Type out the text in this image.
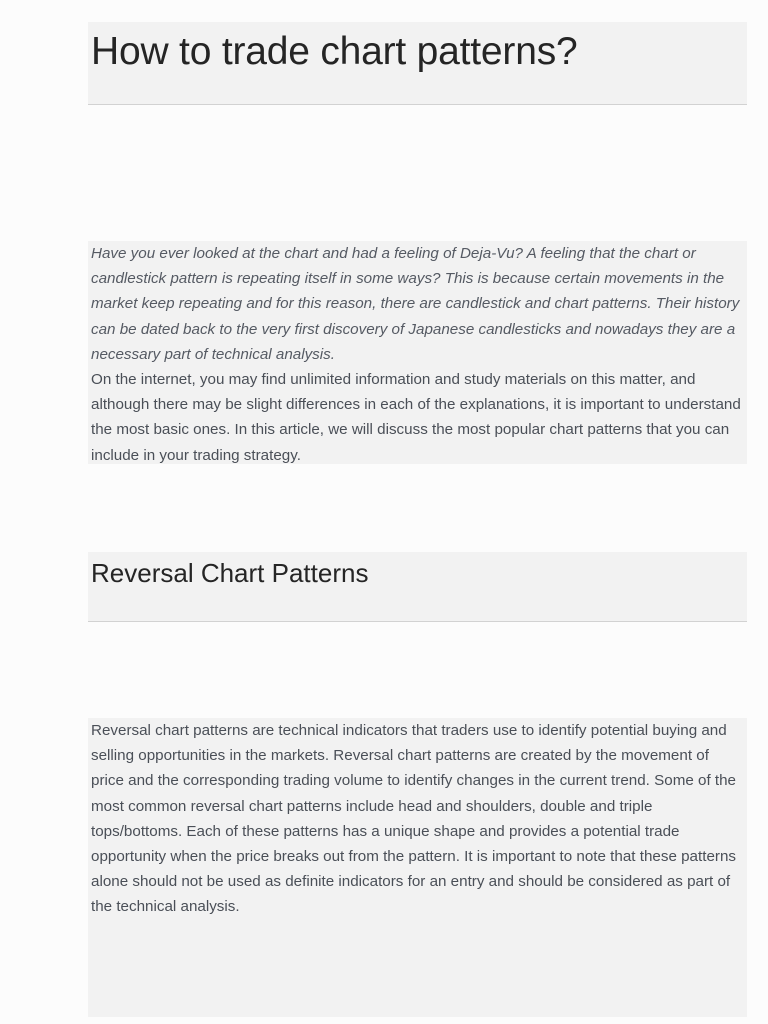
How to trade chart patterns?

Have you ever looked at the chart and had a feeling of Deja-Vu? A feeling that the chart or candlestick pattern is repeating itself in some ways? This is because certain movements in the market keep repeating and for this reason, there are candlestick and chart patterns. Their history can be dated back to the very first discovery of Japanese candlesticks and nowadays they are a necessary part of technical analysis.

On the internet, you may find unlimited information and study materials on this matter, and although there may be slight differences in each of the explanations, it is important to understand the most basic ones. In this article, we will discuss the most popular chart patterns that you can include in your trading strategy.

Reversal Chart Patterns

Reversal chart patterns are technical indicators that traders use to identify potential buying and selling opportunities in the markets. Reversal chart patterns are created by the movement of price and the corresponding trading volume to identify changes in the current trend. Some of the most common reversal chart patterns include head and shoulders, double and triple tops/bottoms. Each of these patterns has a unique shape and provides a potential trade opportunity when the price breaks out from the pattern. It is important to note that these patterns alone should not be used as definite indicators for an entry and should be considered as part of the technical analysis.
